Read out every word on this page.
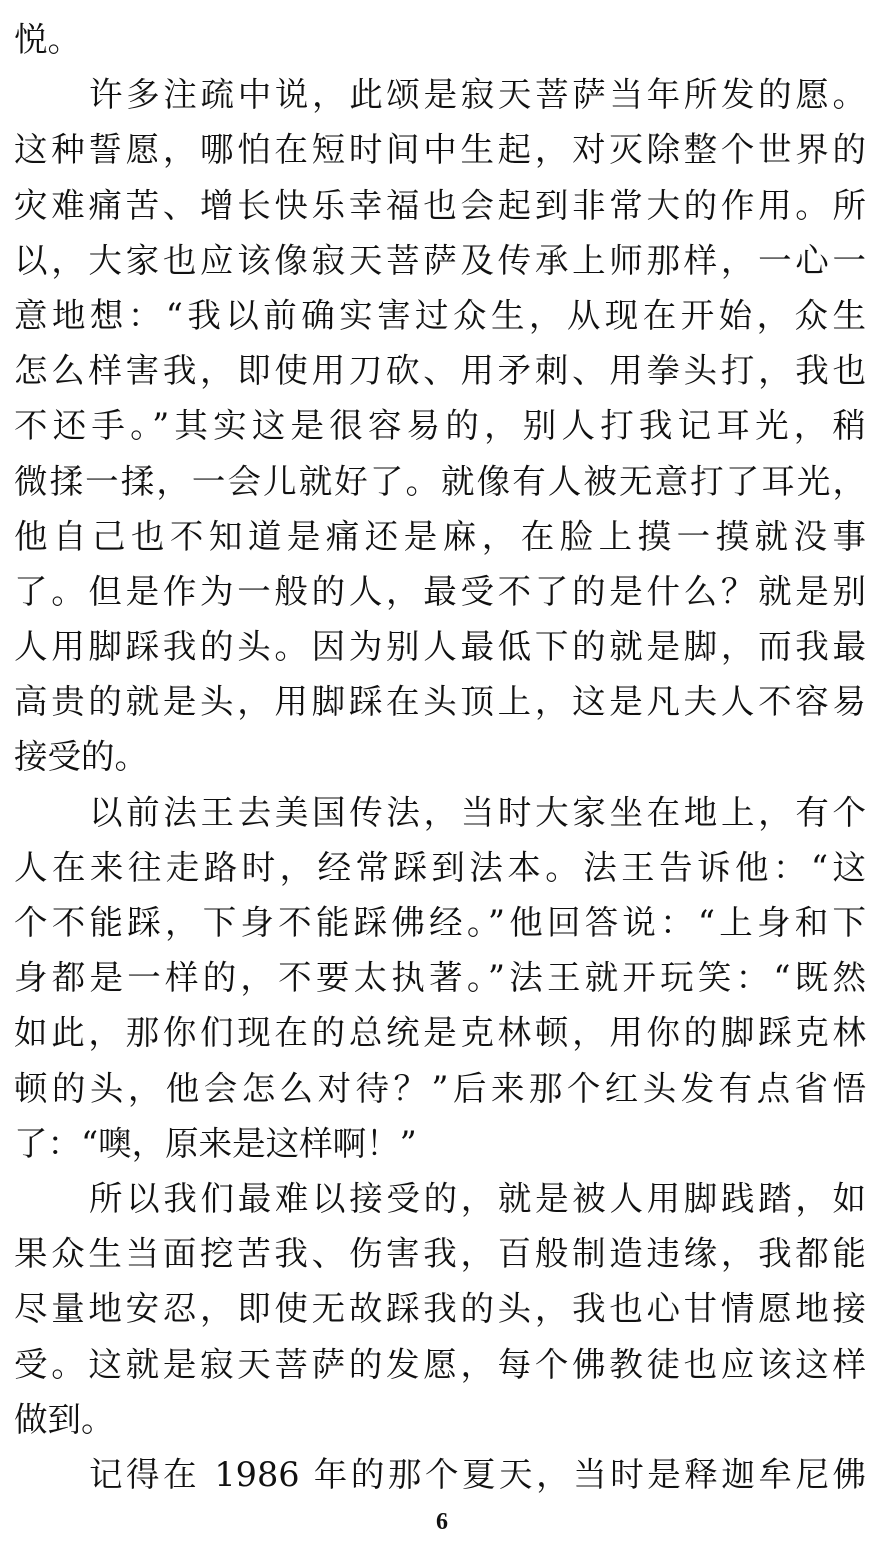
悦。
许多注疏中说，此颂是寂天菩萨当年所发的愿。
这种誓愿，哪怕在短时间中生起，对灭除整个世界的
灾难痛苦、增长快乐幸福也会起到非常大的作用。所
以，大家也应该像寂天菩萨及传承上师那样，一心一
意地想：“我以前确实害过众生，从现在开始，众生
怎么样害我，即使用刀砍、用矛刺、用拳头打，我也
不还手。”其实这是很容易的，别人打我记耳光，稍
微揉一揉，一会儿就好了。就像有人被无意打了耳光，
他自己也不知道是痛还是麻，在脸上摸一摸就没事
了。但是作为一般的人，最受不了的是什么？就是别
人用脚踩我的头。因为别人最低下的就是脚，而我最
高贵的就是头，用脚踩在头顶上，这是凡夫人不容易
接受的。
以前法王去美国传法，当时大家坐在地上，有个
人在来往走路时，经常踩到法本。法王告诉他：“这
个不能踩，下身不能踩佛经。”他回答说：“上身和下
身都是一样的，不要太执著。”法王就开玩笑：“既然
如此，那你们现在的总统是克林顿，用你的脚踩克林
顿的头，他会怎么对待？”后来那个红头发有点省悟
了：“噢，原来是这样啊！”
所以我们最难以接受的，就是被人用脚践踏，如
果众生当面挖苦我、伤害我，百般制造违缘，我都能
尽量地安忍，即使无故踩我的头，我也心甘情愿地接
受。这就是寂天菩萨的发愿，每个佛教徒也应该这样
做到。
记得在 1986 年的那个夏天，当时是释迦牟尼佛
6
